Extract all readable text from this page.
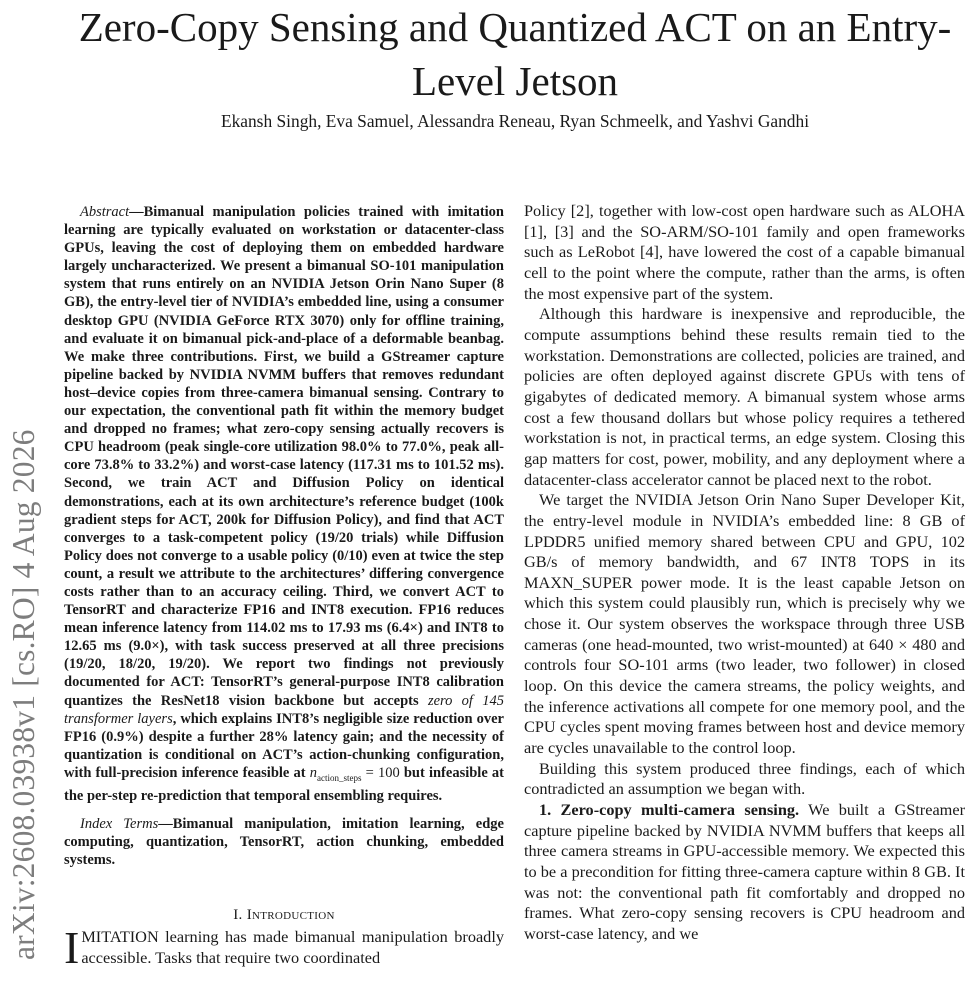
Zero-Copy Sensing and Quantized ACT on an Entry-Level Jetson
Ekansh Singh, Eva Samuel, Alessandra Reneau, Ryan Schmeelk, and Yashvi Gandhi
arXiv:2608.03938v1 [cs.RO] 4 Aug 2026

Abstract—Bimanual manipulation policies trained with imitation learning are typically evaluated on workstation or datacenter-class GPUs, leaving the cost of deploying them on embedded hardware largely uncharacterized. We present a bimanual SO-101 manipulation system that runs entirely on an NVIDIA Jetson Orin Nano Super (8 GB), the entry-level tier of NVIDIA’s embedded line, using a consumer desktop GPU (NVIDIA GeForce RTX 3070) only for offline training, and evaluate it on bimanual pick-and-place of a deformable beanbag. We make three contributions. First, we build a GStreamer capture pipeline backed by NVIDIA NVMM buffers that removes redundant host–device copies from three-camera bimanual sensing. Contrary to our expectation, the conventional path fit within the memory budget and dropped no frames; what zero-copy sensing actually recovers is CPU headroom (peak single-core utilization 98.0% to 77.0%, peak all-core 73.8% to 33.2%) and worst-case latency (117.31 ms to 101.52 ms). Second, we train ACT and Diffusion Policy on identical demonstrations, each at its own architecture’s reference budget (100k gradient steps for ACT, 200k for Diffusion Policy), and find that ACT converges to a task-competent policy (19/20 trials) while Diffusion Policy does not converge to a usable policy (0/10) even at twice the step count, a result we attribute to the architectures’ differing convergence costs rather than to an accuracy ceiling. Third, we convert ACT to TensorRT and characterize FP16 and INT8 execution. FP16 reduces mean inference latency from 114.02 ms to 17.93 ms (6.4×) and INT8 to 12.65 ms (9.0×), with task success preserved at all three precisions (19/20, 18/20, 19/20). We report two findings not previously documented for ACT: TensorRT’s general-purpose INT8 calibration quantizes the ResNet18 vision backbone but accepts zero of 145 transformer layers, which explains INT8’s negligible size reduction over FP16 (0.9%) despite a further 28% latency gain; and the necessity of quantization is conditional on ACT’s action-chunking configuration, with full-precision inference feasible at $n_{action\_steps} = 100$ but infeasible at the per-step re-prediction that temporal ensembling requires.

Index Terms—Bimanual manipulation, imitation learning, edge computing, quantization, TensorRT, action chunking, embedded systems.

I. Introduction
I MITATION learning has made bimanual manipulation broadly accessible. Tasks that require two coordinated

Policy [2], together with low-cost open hardware such as ALOHA [1], [3] and the SO-ARM/SO-101 family and open frameworks such as LeRobot [4], have lowered the cost of a capable bimanual cell to the point where the compute, rather than the arms, is often the most expensive part of the system.

Although this hardware is inexpensive and reproducible, the compute assumptions behind these results remain tied to the workstation. Demonstrations are collected, policies are trained, and policies are often deployed against discrete GPUs with tens of gigabytes of dedicated memory. A bimanual system whose arms cost a few thousand dollars but whose policy requires a tethered workstation is not, in practical terms, an edge system. Closing this gap matters for cost, power, mobility, and any deployment where a datacenter-class accelerator cannot be placed next to the robot.

We target the NVIDIA Jetson Orin Nano Super Developer Kit, the entry-level module in NVIDIA’s embedded line: 8 GB of LPDDR5 unified memory shared between CPU and GPU, 102 GB/s of memory bandwidth, and 67 INT8 TOPS in its MAXN_SUPER power mode. It is the least capable Jetson on which this system could plausibly run, which is precisely why we chose it. Our system observes the workspace through three USB cameras (one head-mounted, two wrist-mounted) at 640 × 480 and controls four SO-101 arms (two leader, two follower) in closed loop. On this device the camera streams, the policy weights, and the inference activations all compete for one memory pool, and the CPU cycles spent moving frames between host and device memory are cycles unavailable to the control loop.

Building this system produced three findings, each of which contradicted an assumption we began with.

1. Zero-copy multi-camera sensing. We built a GStreamer capture pipeline backed by NVIDIA NVMM buffers that keeps all three camera streams in GPU-accessible memory. We expected this to be a precondition for fitting three-camera capture within 8 GB. It was not: the conventional path fit comfortably and dropped no frames. What zero-copy sensing recovers is CPU headroom and worst-case latency, and we
